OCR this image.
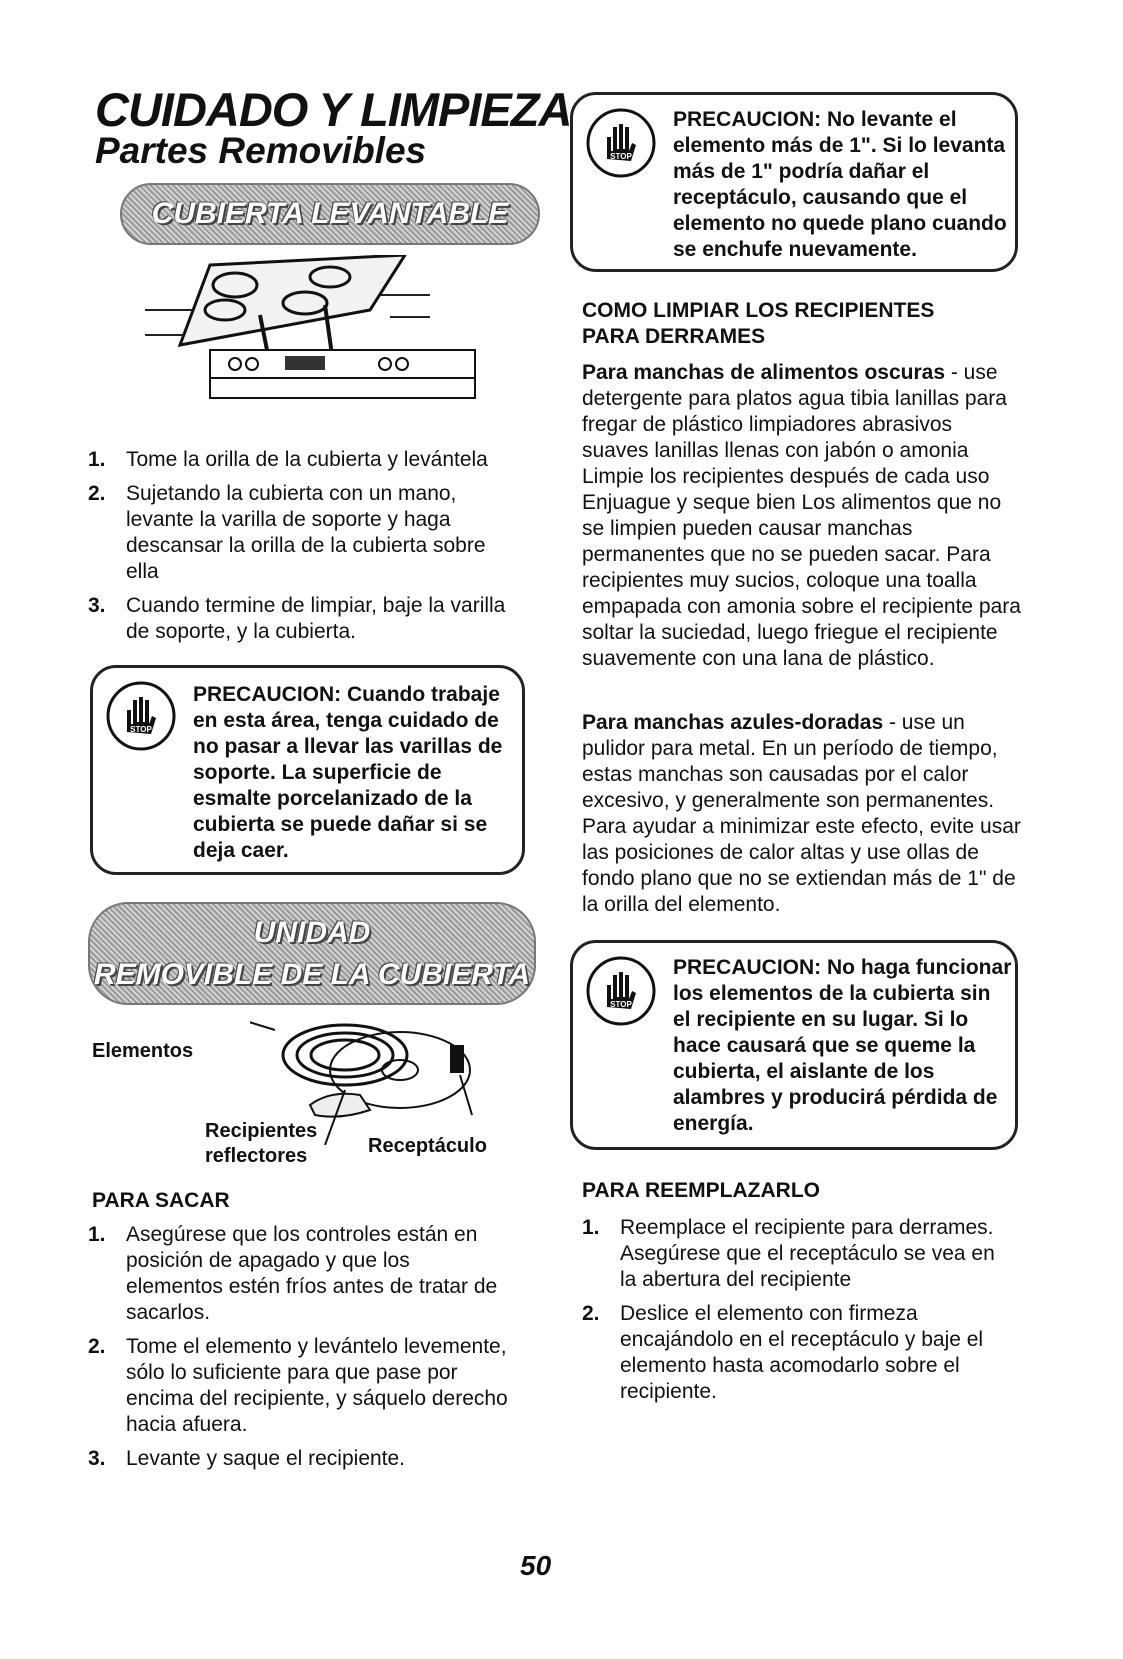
CUIDADO Y LIMPIEZA
Partes Removibles
CUBIERTA LEVANTABLE
1. Tome la orilla de la cubierta y levántela
2. Sujetando la cubierta con un mano, levante la varilla de soporte y haga descansar la orilla de la cubierta sobre ella
3. Cuando termine de limpiar, baje la varilla de soporte, y la cubierta.
STOP
PRECAUCION: Cuando trabaje en esta área, tenga cuidado de no pasar a llevar las varillas de soporte. La superficie de esmalte porcelanizado de la cubierta se puede dañar si se deja caer.
UNIDAD
REMOVIBLE DE LA CUBIERTA
Elementos
Recipientes
reflectores	Receptáculo
PARA SACAR
1. Asegúrese que los controles están en posición de apagado y que los elementos estén fríos antes de tratar de sacarlos.
2. Tome el elemento y levántelo levemente, sólo lo suficiente para que pase por encima del recipiente, y sáquelo derecho hacia afuera.
3. Levante y saque el recipiente.
STOP
PRECAUCION: No levante el elemento más de 1". Si lo levanta más de 1" podría dañar el receptáculo, causando que el elemento no quede plano cuando se enchufe nuevamente.
COMO LIMPIAR LOS RECIPIENTES
PARA DERRAMES
Para manchas de alimentos oscuras - use detergente para platos agua tibia lanillas para fregar de plástico limpiadores abrasivos suaves lanillas llenas con jabón o amonia Limpie los recipientes después de cada uso Enjuague y seque bien Los alimentos que no se limpien pueden causar manchas permanentes que no se pueden sacar. Para recipientes muy sucios, coloque una toalla empapada con amonia sobre el recipiente para soltar la suciedad, luego friegue el recipiente suavemente con una lana de plástico.
Para manchas azules-doradas - use un pulidor para metal. En un período de tiempo, estas manchas son causadas por el calor excesivo, y generalmente son permanentes. Para ayudar a minimizar este efecto, evite usar las posiciones de calor altas y use ollas de fondo plano que no se extiendan más de 1" de la orilla del elemento.
STOP
PRECAUCION: No haga funcionar los elementos de la cubierta sin el recipiente en su lugar. Si lo hace causará que se queme la cubierta, el aislante de los alambres y producirá pérdida de energía.
PARA REEMPLAZARLO
1. Reemplace el recipiente para derrames. Asegúrese que el receptáculo se vea en la abertura del recipiente
2. Deslice el elemento con firmeza encajándolo en el receptáculo y baje el elemento hasta acomodarlo sobre el recipiente.
50
